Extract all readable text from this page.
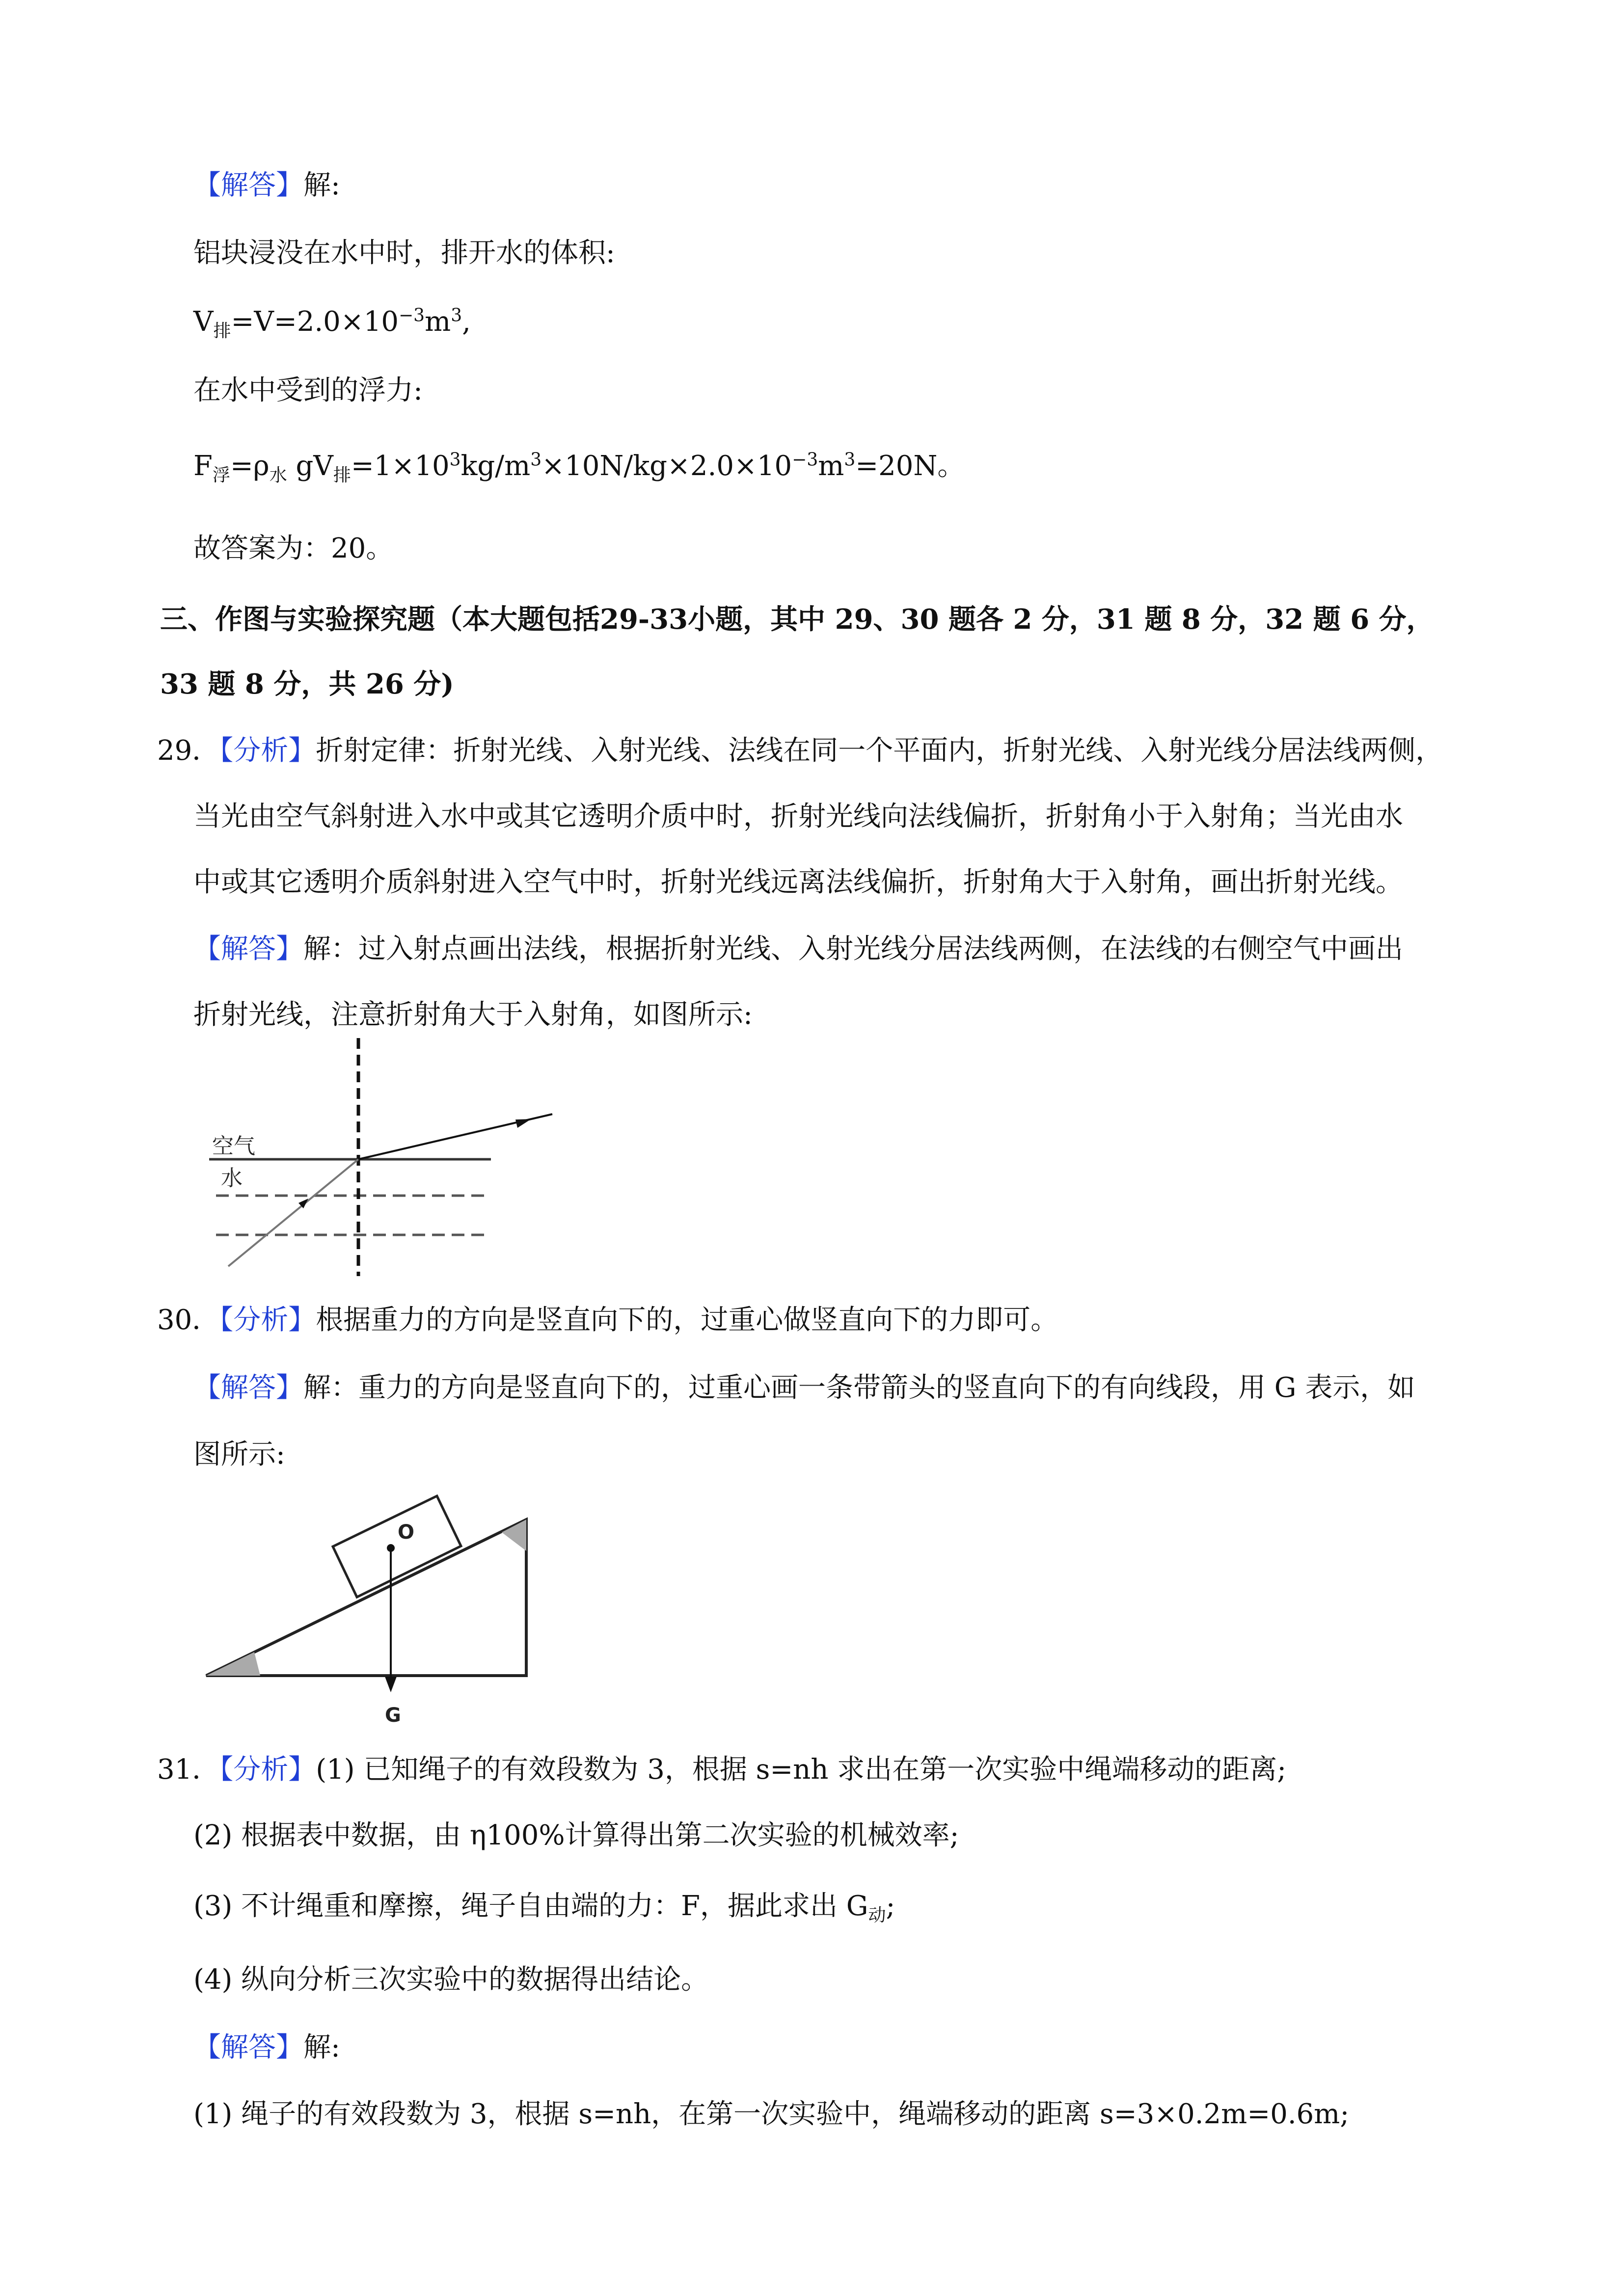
【解答】解:
铝块浸没在水中时，排开水的体积:
$V_排=V=2.0\times 10^{-3}m^3$,
在水中受到的浮力:
$F_浮=\rho_水$ $gV_排=1\times 10^3kg/m^3\times 10N/kg\times 2.0\times 10^{-3}m^3=20N$。
故答案为：20。
三、作图与实验探究题（本大题包括29-33小题，其中 29、30 题各 2 分，31 题 8 分，32 题 6 分，
33 题 8 分，共 26 分)
29．【分析】折射定律：折射光线、入射光线、法线在同一个平面内，折射光线、入射光线分居法线两侧，
当光由空气斜射进入水中或其它透明介质中时，折射光线向法线偏折，折射角小于入射角；当光由水
中或其它透明介质斜射进入空气中时，折射光线远离法线偏折，折射角大于入射角，画出折射光线。
【解答】解：过入射点画出法线，根据折射光线、入射光线分居法线两侧，在法线的右侧空气中画出
折射光线，注意折射角大于入射角，如图所示:
空气
水
30．【分析】根据重力的方向是竖直向下的，过重心做竖直向下的力即可。
【解答】解：重力的方向是竖直向下的，过重心画一条带箭头的竖直向下的有向线段，用 G 表示，如
图所示:
O
G
31．【分析】(1) 已知绳子的有效段数为 3，根据 s=nh 求出在第一次实验中绳端移动的距离;
(2) 根据表中数据，由 η100%计算得出第二次实验的机械效率;
(3) 不计绳重和摩擦，绳子自由端的力：F，据此求出 $G_动$;
(4) 纵向分析三次实验中的数据得出结论。
【解答】解:
(1) 绳子的有效段数为 3，根据 s=nh，在第一次实验中，绳端移动的距离 s=3×0.2m=0.6m;
